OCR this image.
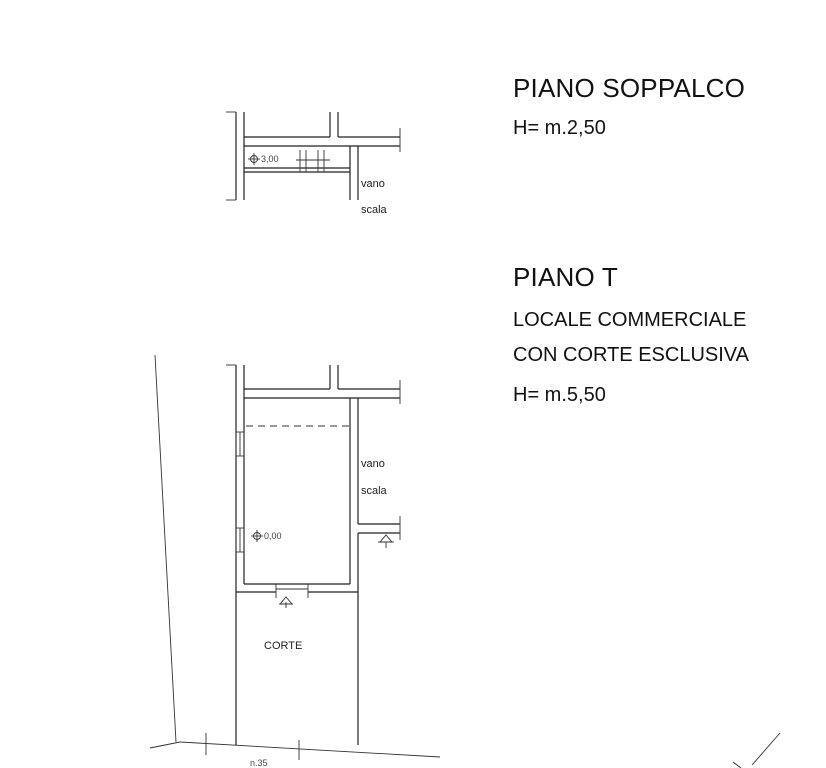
3,00
vano
scala
0,00
vano
scala
CORTE
n.35
PIANO SOPPALCO
H= m.2,50
PIANO T
LOCALE COMMERCIALE
CON CORTE ESCLUSIVA
H= m.5,50
